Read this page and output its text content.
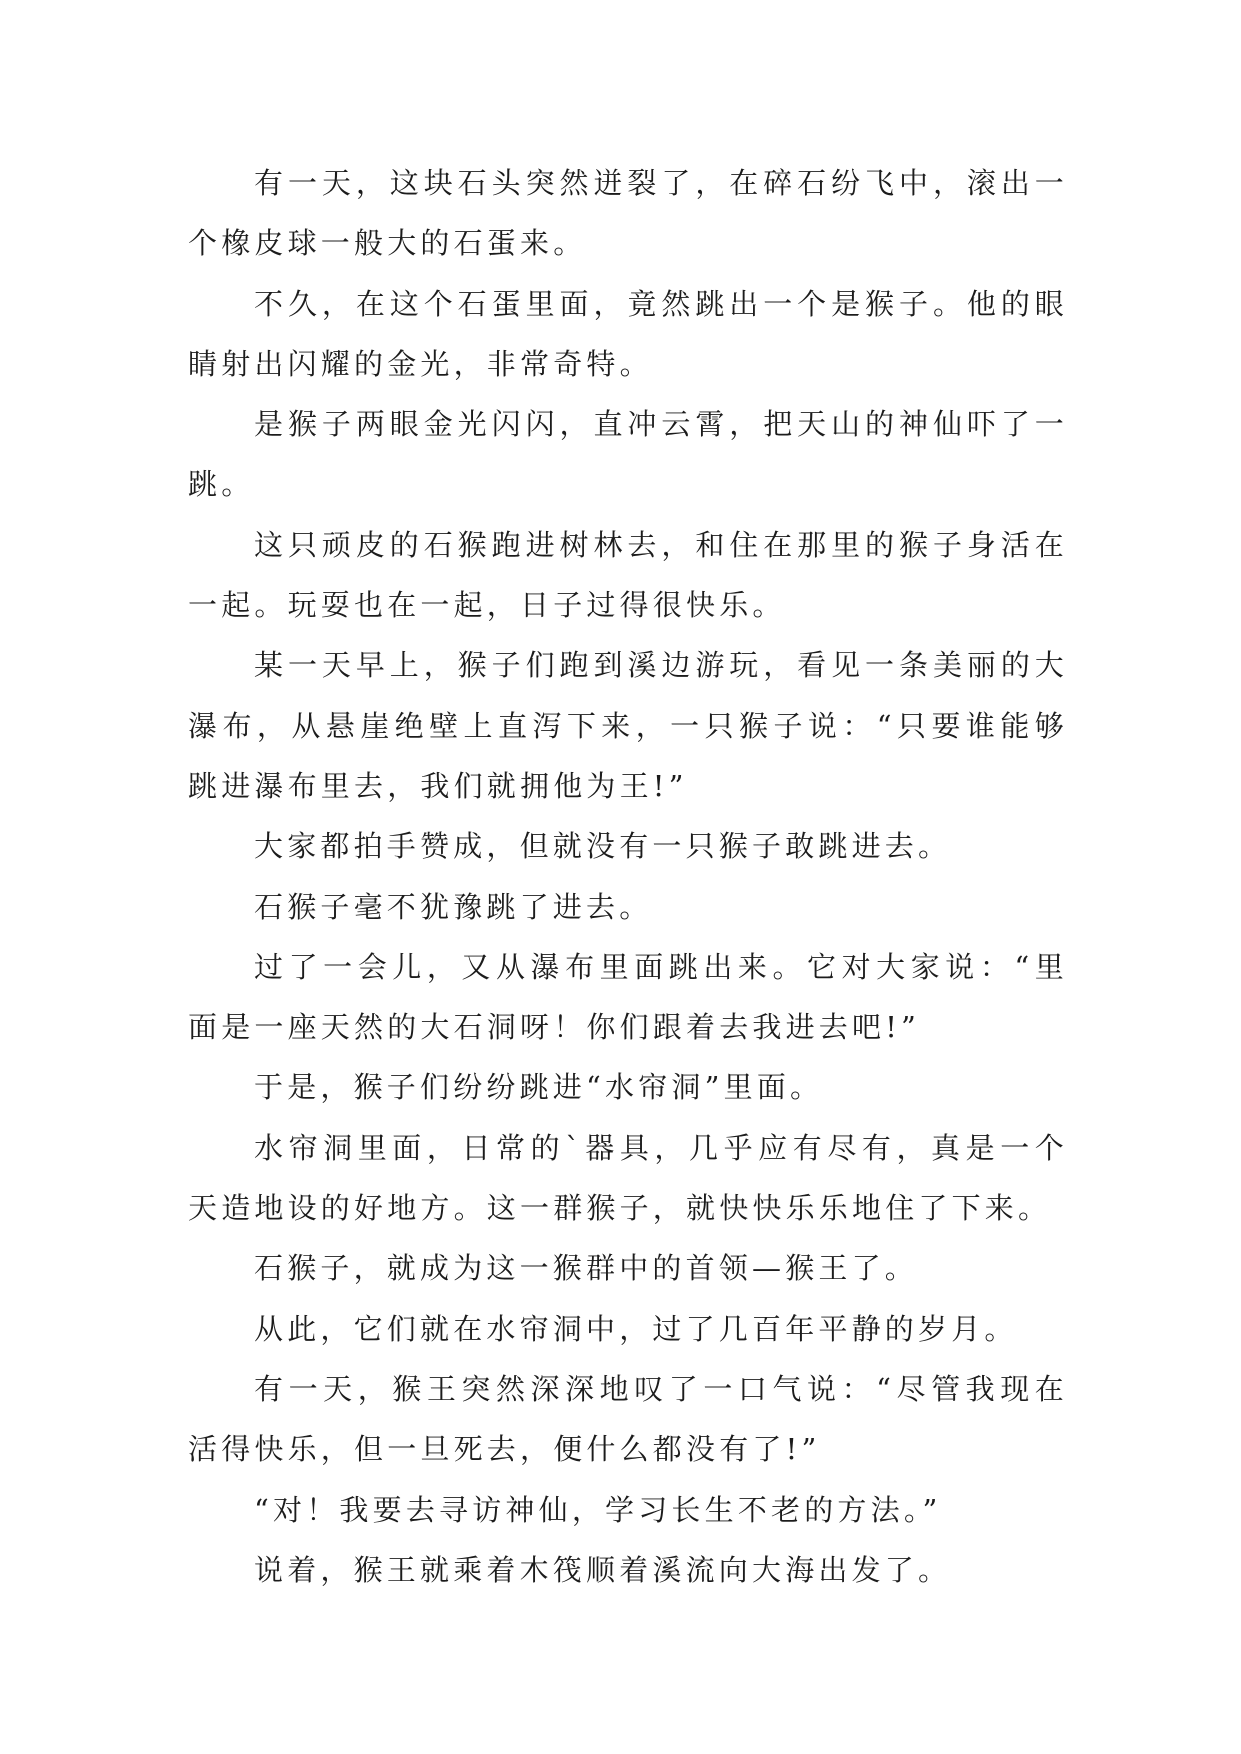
有一天，这块石头突然迸裂了，在碎石纷飞中，滚出一个橡皮球一般大的石蛋来。

不久，在这个石蛋里面，竟然跳出一个是猴子。他的眼睛射出闪耀的金光，非常奇特。

是猴子两眼金光闪闪，直冲云霄，把天山的神仙吓了一跳。

这只顽皮的石猴跑进树林去，和住在那里的猴子身活在一起。玩耍也在一起，日子过得很快乐。

某一天早上，猴子们跑到溪边游玩，看见一条美丽的大瀑布，从悬崖绝壁上直泻下来，一只猴子说：“只要谁能够跳进瀑布里去，我们就拥他为王!”

大家都拍手赞成，但就没有一只猴子敢跳进去。

石猴子毫不犹豫跳了进去。

过了一会儿，又从瀑布里面跳出来。它对大家说：“里面是一座天然的大石洞呀！你们跟着去我进去吧!”

于是，猴子们纷纷跳进“水帘洞”里面。

水帘洞里面，日常的`器具，几乎应有尽有，真是一个天造地设的好地方。这一群猴子，就快快乐乐地住了下来。

石猴子，就成为这一猴群中的首领—猴王了。

从此，它们就在水帘洞中，过了几百年平静的岁月。

有一天，猴王突然深深地叹了一口气说：“尽管我现在活得快乐，但一旦死去，便什么都没有了!”

“对！我要去寻访神仙，学习长生不老的方法。”

说着，猴王就乘着木筏顺着溪流向大海出发了。
